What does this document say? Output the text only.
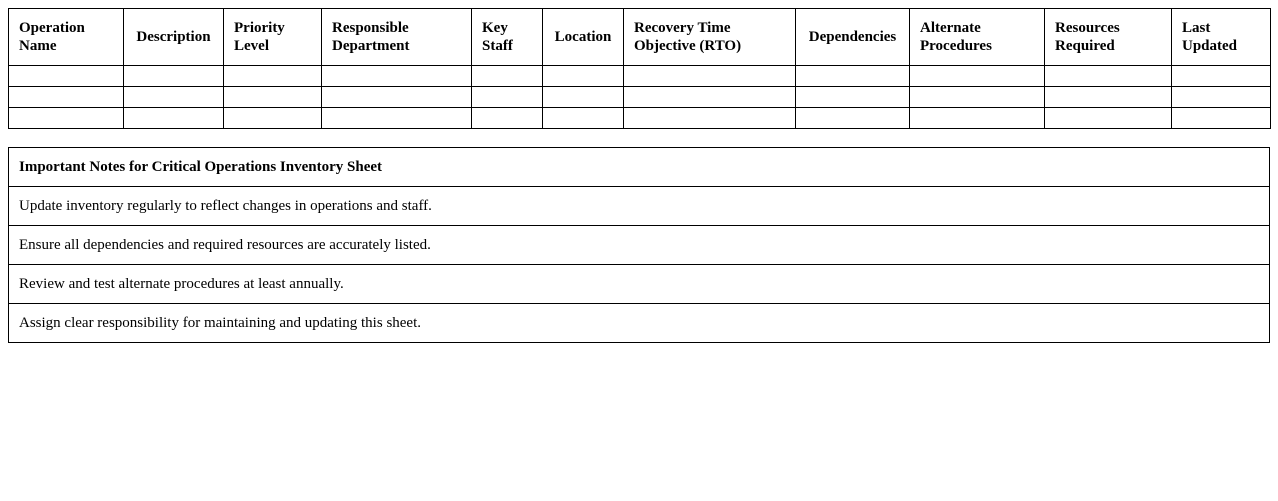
Operation Name	Description	Priority Level	Responsible Department	Key Staff	Location	Recovery Time Objective (RTO)	Dependencies	Alternate Procedures	Resources Required	Last Updated

Important Notes for Critical Operations Inventory Sheet
Update inventory regularly to reflect changes in operations and staff.
Ensure all dependencies and required resources are accurately listed.
Review and test alternate procedures at least annually.
Assign clear responsibility for maintaining and updating this sheet.
